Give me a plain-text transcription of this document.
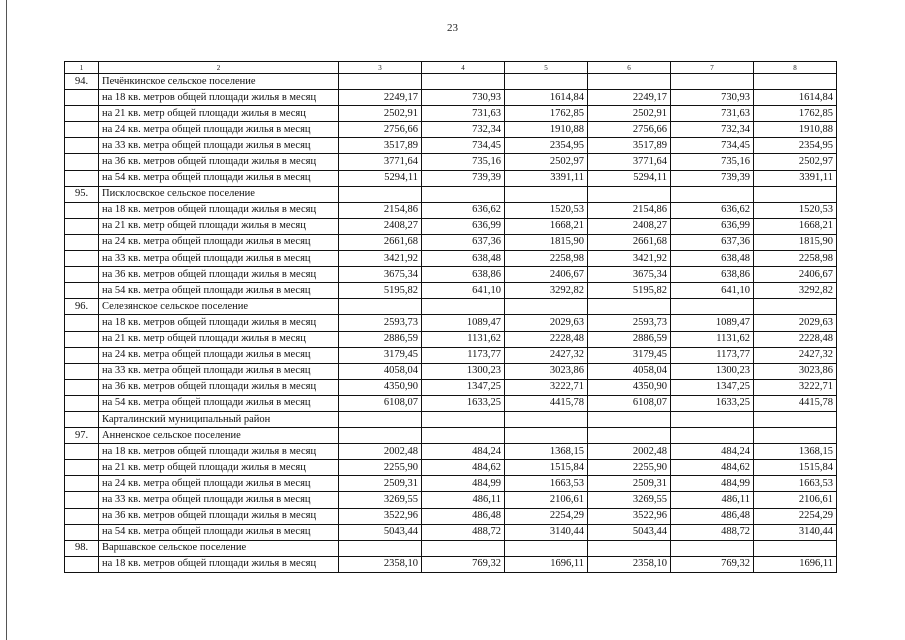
23
1	2	3	4	5	6	7	8
94.	Печёнкинское сельское поселение						
	на 18 кв. метров общей площади жилья в месяц	2249,17	730,93	1614,84	2249,17	730,93	1614,84
	на 21 кв. метр общей площади жилья в месяц	2502,91	731,63	1762,85	2502,91	731,63	1762,85
	на 24 кв. метра общей площади жилья в месяц	2756,66	732,34	1910,88	2756,66	732,34	1910,88
	на 33 кв. метра общей площади жилья в месяц	3517,89	734,45	2354,95	3517,89	734,45	2354,95
	на 36 кв. метров общей площади жилья в месяц	3771,64	735,16	2502,97	3771,64	735,16	2502,97
	на 54 кв. метра общей площади жилья в месяц	5294,11	739,39	3391,11	5294,11	739,39	3391,11
95.	Писклосвское сельское поселение						
	на 18 кв. метров общей площади жилья в месяц	2154,86	636,62	1520,53	2154,86	636,62	1520,53
	на 21 кв. метр общей площади жилья в месяц	2408,27	636,99	1668,21	2408,27	636,99	1668,21
	на 24 кв. метра общей площади жилья в месяц	2661,68	637,36	1815,90	2661,68	637,36	1815,90
	на 33 кв. метра общей площади жилья в месяц	3421,92	638,48	2258,98	3421,92	638,48	2258,98
	на 36 кв. метров общей площади жилья в месяц	3675,34	638,86	2406,67	3675,34	638,86	2406,67
	на 54 кв. метра общей площади жилья в месяц	5195,82	641,10	3292,82	5195,82	641,10	3292,82
96.	Селезянское сельское поселение						
	на 18 кв. метров общей площади жилья в месяц	2593,73	1089,47	2029,63	2593,73	1089,47	2029,63
	на 21 кв. метр общей площади жилья в месяц	2886,59	1131,62	2228,48	2886,59	1131,62	2228,48
	на 24 кв. метра общей площади жилья в месяц	3179,45	1173,77	2427,32	3179,45	1173,77	2427,32
	на 33 кв. метра общей площади жилья в месяц	4058,04	1300,23	3023,86	4058,04	1300,23	3023,86
	на 36 кв. метров общей площади жилья в месяц	4350,90	1347,25	3222,71	4350,90	1347,25	3222,71
	на 54 кв. метра общей площади жилья в месяц	6108,07	1633,25	4415,78	6108,07	1633,25	4415,78
	Карталинский муниципальный район						
97.	Анненское сельское поселение						
	на 18 кв. метров общей площади жилья в месяц	2002,48	484,24	1368,15	2002,48	484,24	1368,15
	на 21 кв. метр общей площади жилья в месяц	2255,90	484,62	1515,84	2255,90	484,62	1515,84
	на 24 кв. метра общей площади жилья в месяц	2509,31	484,99	1663,53	2509,31	484,99	1663,53
	на 33 кв. метра общей площади жилья в месяц	3269,55	486,11	2106,61	3269,55	486,11	2106,61
	на 36 кв. метров общей площади жилья в месяц	3522,96	486,48	2254,29	3522,96	486,48	2254,29
	на 54 кв. метра общей площади жилья в месяц	5043,44	488,72	3140,44	5043,44	488,72	3140,44
98.	Варшавское сельское поселение						
	на 18 кв. метров общей площади жилья в месяц	2358,10	769,32	1696,11	2358,10	769,32	1696,11
